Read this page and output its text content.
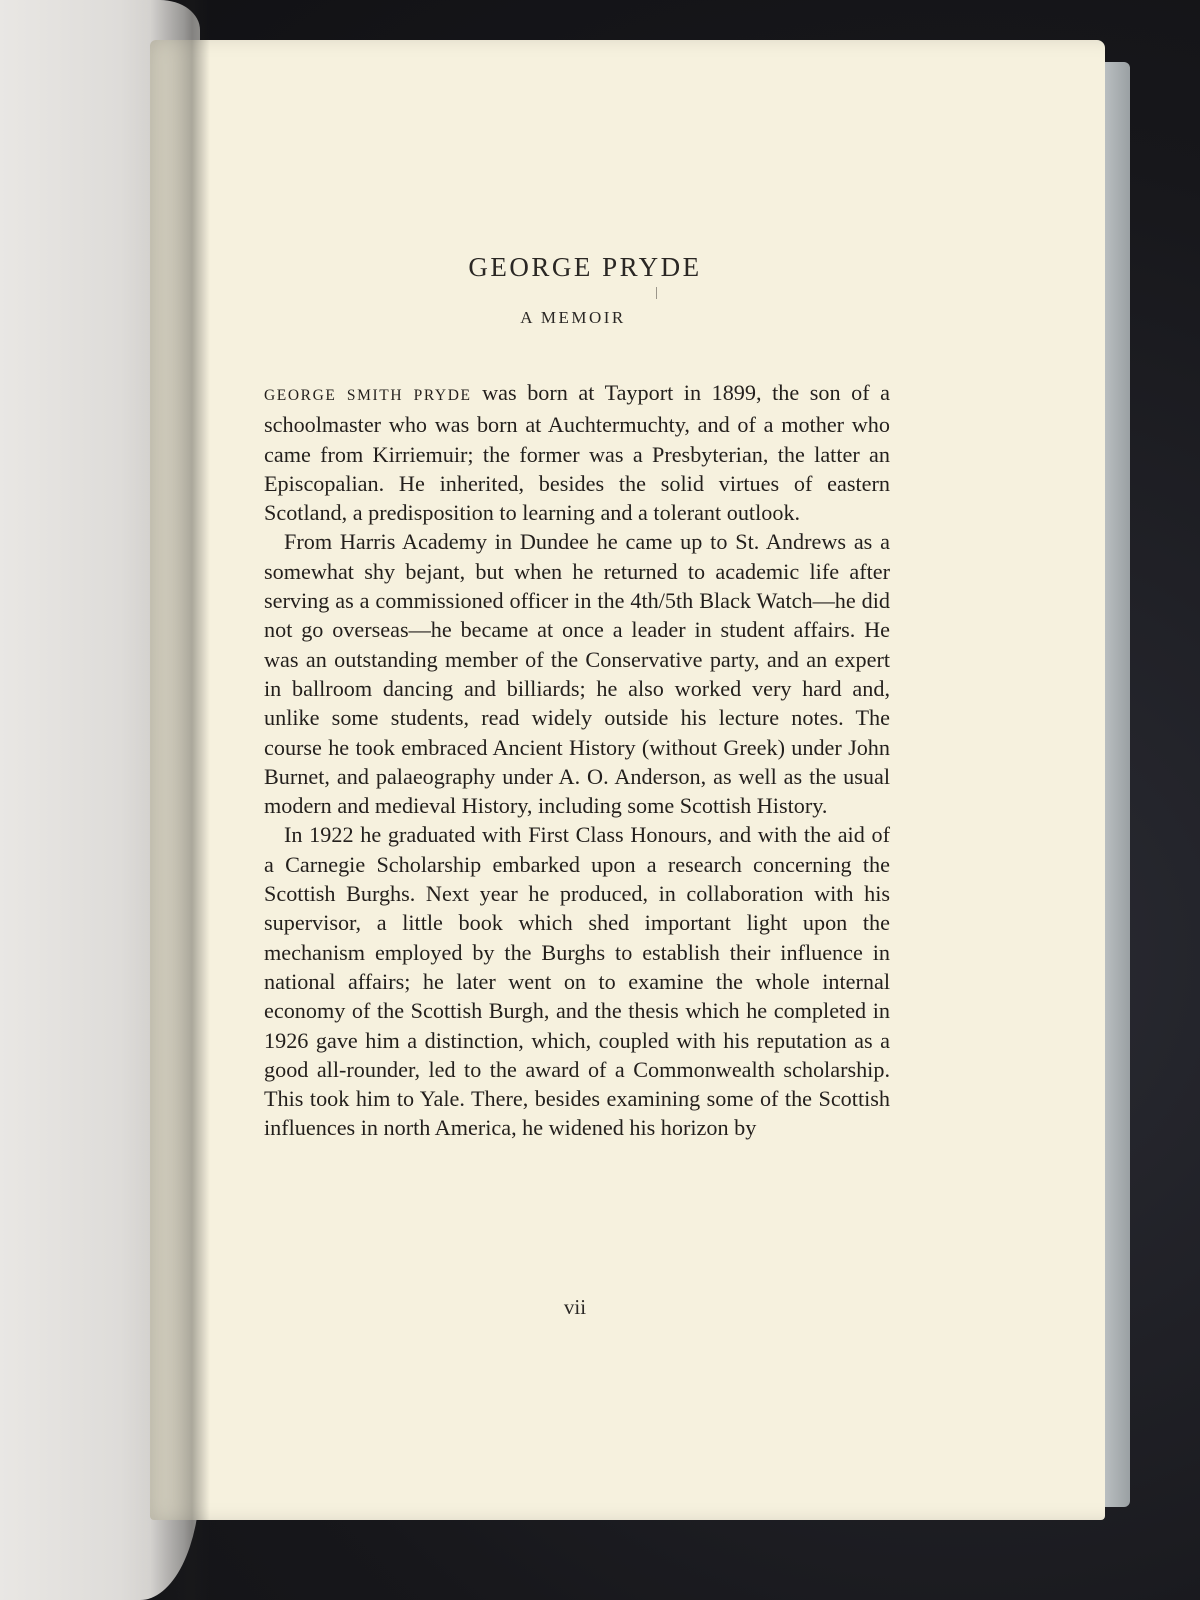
GEORGE PRYDE
A MEMOIR

GEORGE SMITH PRYDE was born at Tayport in 1899, the son of a schoolmaster who was born at Auchtermuchty, and of a mother who came from Kirriemuir; the former was a Presbyterian, the latter an Episcopalian. He inherited, besides the solid virtues of eastern Scotland, a predisposition to learning and a tolerant outlook.

From Harris Academy in Dundee he came up to St. Andrews as a somewhat shy bejant, but when he returned to academic life after serving as a commissioned officer in the 4th/5th Black Watch—he did not go overseas—he became at once a leader in student affairs. He was an outstanding member of the Conservative party, and an expert in ballroom dancing and billiards; he also worked very hard and, unlike some students, read widely outside his lecture notes. The course he took embraced Ancient History (without Greek) under John Burnet, and palaeography under A. O. Anderson, as well as the usual modern and medieval History, including some Scottish History.

In 1922 he graduated with First Class Honours, and with the aid of a Carnegie Scholarship embarked upon a research concerning the Scottish Burghs. Next year he produced, in collaboration with his supervisor, a little book which shed important light upon the mechanism employed by the Burghs to establish their influence in national affairs; he later went on to examine the whole internal economy of the Scottish Burgh, and the thesis which he completed in 1926 gave him a distinction, which, coupled with his reputation as a good all-rounder, led to the award of a Commonwealth scholarship. This took him to Yale. There, besides examining some of the Scottish influences in north America, he widened his horizon by

vii
